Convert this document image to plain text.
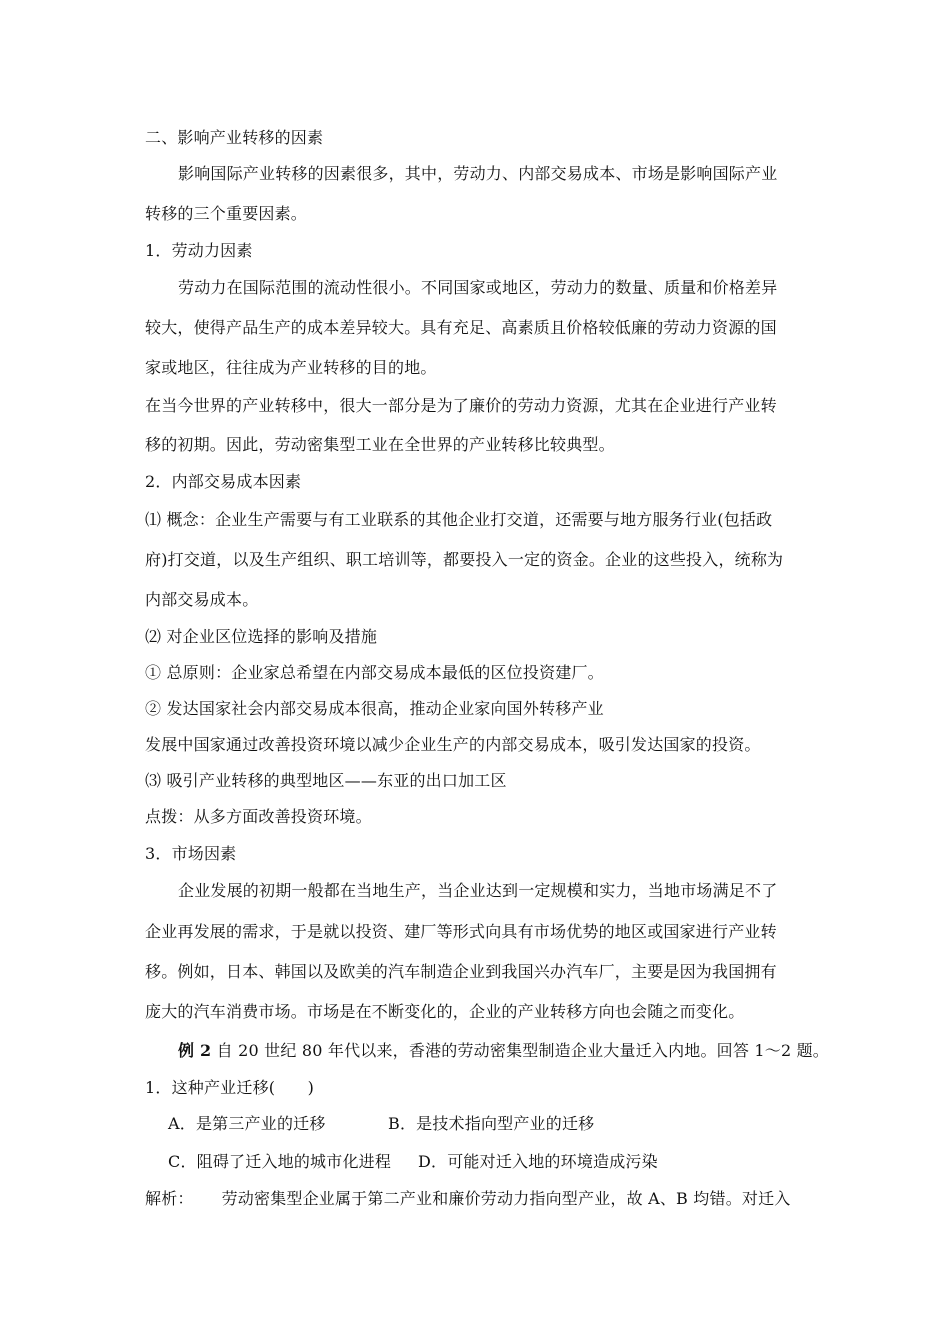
二、影响产业转移的因素
影响国际产业转移的因素很多，其中，劳动力、内部交易成本、市场是影响国际产业
转移的三个重要因素。
1．劳动力因素
劳动力在国际范围的流动性很小。不同国家或地区，劳动力的数量、质量和价格差异
较大，使得产品生产的成本差异较大。具有充足、高素质且价格较低廉的劳动力资源的国
家或地区，往往成为产业转移的目的地。
在当今世界的产业转移中，很大一部分是为了廉价的劳动力资源，尤其在企业进行产业转
移的初期。因此，劳动密集型工业在全世界的产业转移比较典型。
2．内部交易成本因素
⑴ 概念：企业生产需要与有工业联系的其他企业打交道，还需要与地方服务行业(包括政
府)打交道，以及生产组织、职工培训等，都要投入一定的资金。企业的这些投入，统称为
内部交易成本。
⑵ 对企业区位选择的影响及措施
① 总原则：企业家总希望在内部交易成本最低的区位投资建厂。
② 发达国家社会内部交易成本很高，推动企业家向国外转移产业
发展中国家通过改善投资环境以减少企业生产的内部交易成本，吸引发达国家的投资。
⑶ 吸引产业转移的典型地区——东亚的出口加工区
点拨：从多方面改善投资环境。
3．市场因素
企业发展的初期一般都在当地生产，当企业达到一定规模和实力，当地市场满足不了
企业再发展的需求，于是就以投资、建厂等形式向具有市场优势的地区或国家进行产业转
移。例如，日本、韩国以及欧美的汽车制造企业到我国兴办汽车厂，主要是因为我国拥有
庞大的汽车消费市场。市场是在不断变化的，企业的产业转移方向也会随之而变化。
例 2 自 20 世纪 80 年代以来，香港的劳动密集型制造企业大量迁入内地。回答 1～2 题。
1．这种产业迁移(　　)
A．是第三产业的迁移	B．是技术指向型产业的迁移
C．阻碍了迁入地的城市化进程 D．可能对迁入地的环境造成污染
解析： 劳动密集型企业属于第二产业和廉价劳动力指向型产业，故 A、B 均错。对迁入
